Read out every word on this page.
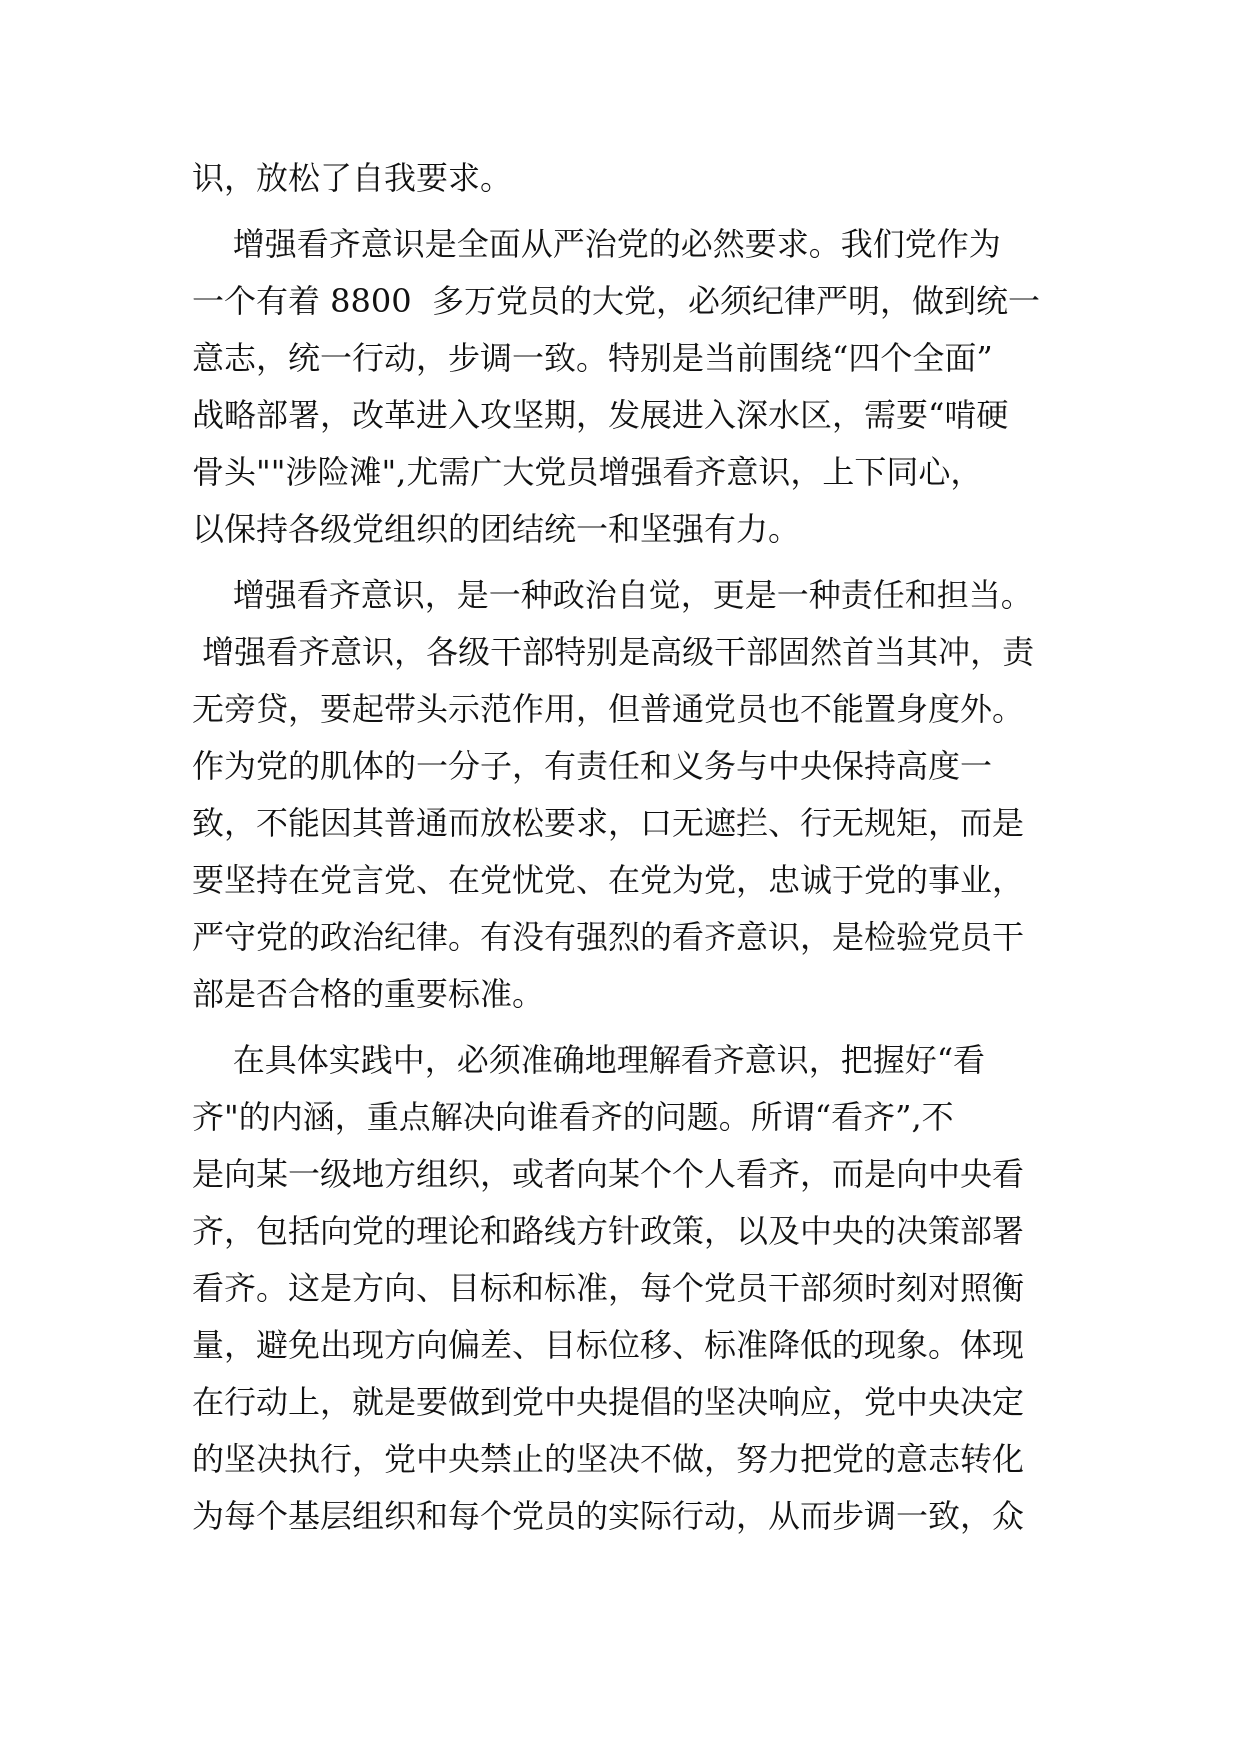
识，放松了自我要求。
增强看齐意识是全面从严治党的必然要求。我们党作为
一个有着 8800  多万党员的大党，必须纪律严明，做到统一
意志，统一行动，步调一致。特别是当前围绕“四个全面”
战略部署，改革进入攻坚期，发展进入深水区，需要“啃硬
骨头""涉险滩",尤需广大党员增强看齐意识，上下同心，
以保持各级党组织的团结统一和坚强有力。
增强看齐意识，是一种政治自觉，更是一种责任和担当。
增强看齐意识，各级干部特别是高级干部固然首当其冲，责
无旁贷，要起带头示范作用，但普通党员也不能置身度外。
作为党的肌体的一分子，有责任和义务与中央保持高度一
致，不能因其普通而放松要求，口无遮拦、行无规矩，而是
要坚持在党言党、在党忧党、在党为党，忠诚于党的事业，
严守党的政治纪律。有没有强烈的看齐意识，是检验党员干
部是否合格的重要标准。
在具体实践中，必须准确地理解看齐意识，把握好“看
齐"的内涵，重点解决向谁看齐的问题。所谓“看齐”,不
是向某一级地方组织，或者向某个个人看齐，而是向中央看
齐，包括向党的理论和路线方针政策，以及中央的决策部署
看齐。这是方向、目标和标准，每个党员干部须时刻对照衡
量，避免出现方向偏差、目标位移、标准降低的现象。体现
在行动上，就是要做到党中央提倡的坚决响应，党中央决定
的坚决执行，党中央禁止的坚决不做，努力把党的意志转化
为每个基层组织和每个党员的实际行动，从而步调一致，众
